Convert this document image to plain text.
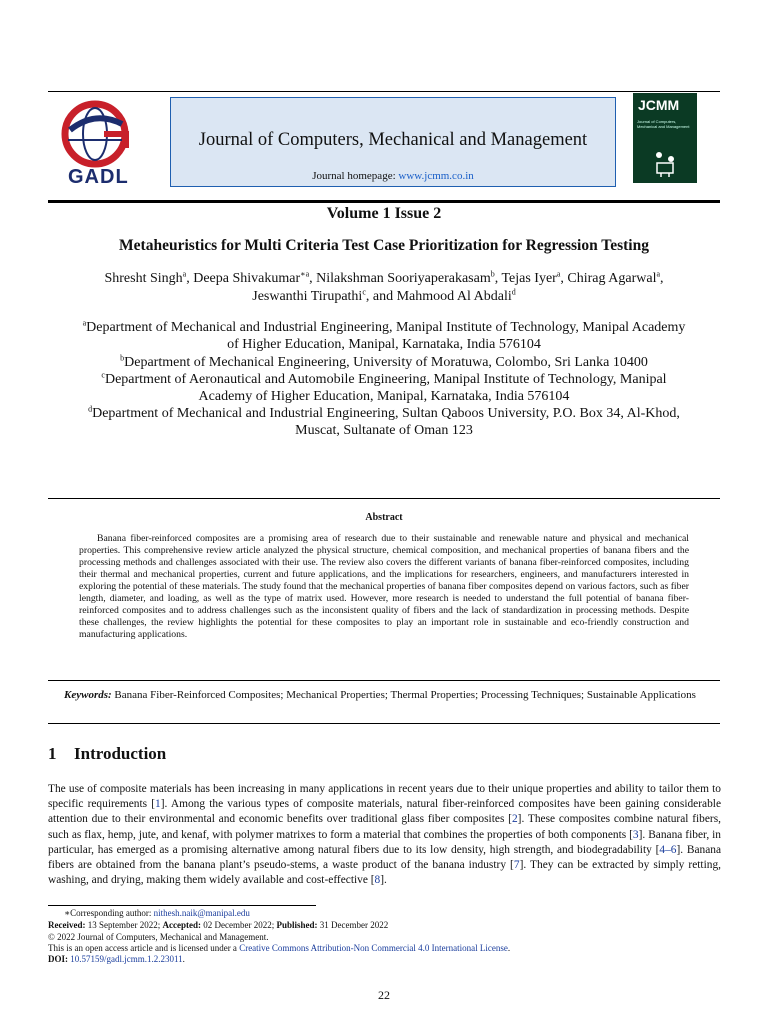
GADL
Journal of Computers, Mechanical and Management
Journal homepage: www.jcmm.co.in
JCMM
Journal of Computers, Mechanical and Management
Volume 1 Issue 2
Metaheuristics for Multi Criteria Test Case Prioritization for Regression Testing
Shresht Singh$^a$, Deepa Shivakumar$^{∗a}$, Nilakshman Sooriyaperakasam$^b$, Tejas Iyer$^a$, Chirag Agarwal$^a$,
Jeswanthi Tirupathi$^c$, and Mahmood Al Abdali$^d$
$^a$Department of Mechanical and Industrial Engineering, Manipal Institute of Technology, Manipal Academy
of Higher Education, Manipal, Karnataka, India 576104
$^b$Department of Mechanical Engineering, University of Moratuwa, Colombo, Sri Lanka 10400
$^c$Department of Aeronautical and Automobile Engineering, Manipal Institute of Technology, Manipal
Academy of Higher Education, Manipal, Karnataka, India 576104
$^d$Department of Mechanical and Industrial Engineering, Sultan Qaboos University, P.O. Box 34, Al-Khod,
Muscat, Sultanate of Oman 123
Abstract
Banana fiber-reinforced composites are a promising area of research due to their sustainable and renewable nature and physical and mechanical properties. This comprehensive review article analyzed the physical structure, chemical composition, and mechanical properties of banana fibers and the processing methods and challenges associated with their use. The review also covers the different variants of banana fiber-reinforced composites, including their thermal and mechanical properties, current and future applications, and the implications for researchers, engineers, and manufacturers interested in exploring the potential of these materials. The study found that the mechanical properties of banana fiber composites depend on various factors, such as fiber length, diameter, and loading, as well as the type of matrix used. However, more research is needed to understand the full potential of banana fiber-reinforced composites and to address challenges such as the inconsistent quality of fibers and the lack of standardization in processing methods. Despite these challenges, the review highlights the potential for these composites to play an important role in sustainable and eco-friendly construction and manufacturing applications.
Keywords: Banana Fiber-Reinforced Composites; Mechanical Properties; Thermal Properties; Processing Techniques; Sustainable Applications
1 Introduction
The use of composite materials has been increasing in many applications in recent years due to their unique properties and ability to tailor them to specific requirements [1]. Among the various types of composite materials, natural fiber-reinforced composites have been gaining considerable attention due to their environmental and economic benefits over traditional glass fiber composites [2]. These composites combine natural fibers, such as flax, hemp, jute, and kenaf, with polymer matrixes to form a material that combines the properties of both components [3]. Banana fiber, in particular, has emerged as a promising alternative among natural fibers due to its low density, high strength, and biodegradability [4–6]. Banana fibers are obtained from the banana plant’s pseudo-stems, a waste product of the banana industry [7]. They can be extracted by simply retting, washing, and drying, making them widely available and cost-effective [8].
∗Corresponding author: nithesh.naik@manipal.edu
Received: 13 September 2022; Accepted: 02 December 2022; Published: 31 December 2022
© 2022 Journal of Computers, Mechanical and Management.
This is an open access article and is licensed under a Creative Commons Attribution-Non Commercial 4.0 International License.
DOI: 10.57159/gadl.jcmm.1.2.23011.
22
